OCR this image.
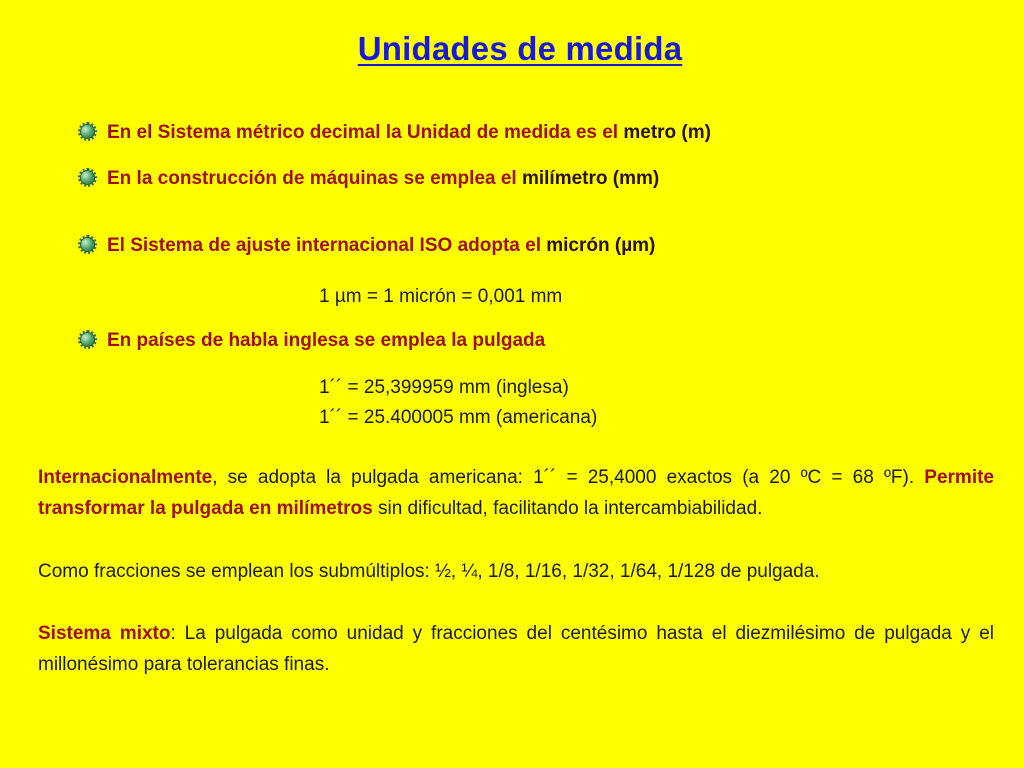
Unidades de medida
En el Sistema métrico decimal la Unidad de medida es el metro (m)
En la construcción de máquinas se emplea el milímetro (mm)
El Sistema de ajuste internacional ISO adopta el micrón (µm)
1 µm = 1 micrón = 0,001 mm
En países de habla inglesa se emplea la pulgada
1´´ = 25,399959 mm (inglesa)
1´´ = 25.400005 mm (americana)
Internacionalmente, se adopta la pulgada americana: 1´´ = 25,4000 exactos (a 20 ºC = 68 ºF). Permite transformar la pulgada en milímetros sin dificultad, facilitando la intercambiabilidad.
Como fracciones se emplean los submúltiplos: ½, ¼, 1/8, 1/16, 1/32, 1/64, 1/128 de pulgada.
Sistema mixto: La pulgada como unidad y fracciones del centésimo hasta el diezmilésimo de pulgada y el millonésimo para tolerancias finas.
